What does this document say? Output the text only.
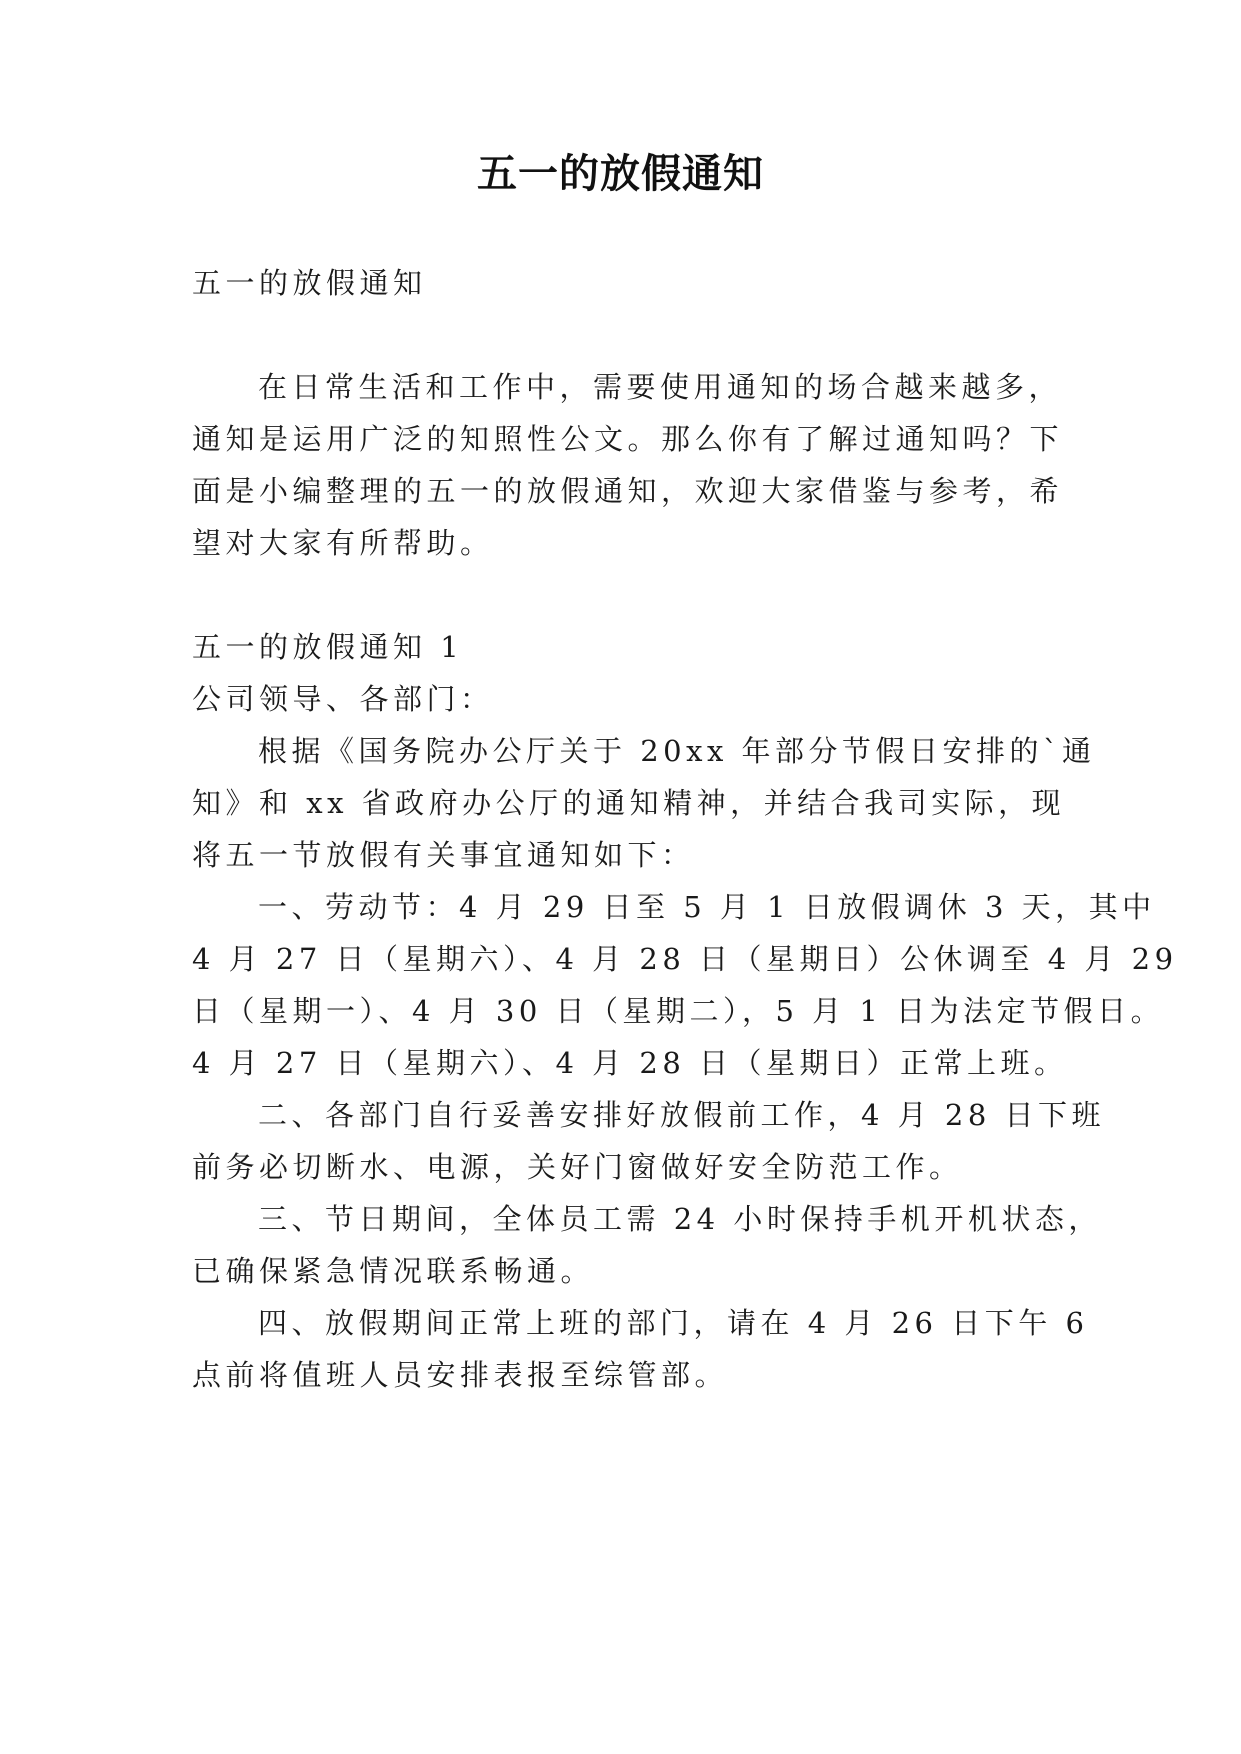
五一的放假通知
五一的放假通知
在日常生活和工作中，需要使用通知的场合越来越多，
通知是运用广泛的知照性公文。那么你有了解过通知吗？下
面是小编整理的五一的放假通知，欢迎大家借鉴与参考，希
望对大家有所帮助。
五一的放假通知 1
公司领导、各部门：
根据《国务院办公厅关于 20xx 年部分节假日安排的`通
知》和 xx 省政府办公厅的通知精神，并结合我司实际，现
将五一节放假有关事宜通知如下：
一、劳动节：4 月 29 日至 5 月 1 日放假调休 3 天，其中
4 月 27 日（星期六）、4 月 28 日（星期日）公休调至 4 月 29
日（星期一）、4 月 30 日（星期二），5 月 1 日为法定节假日。
4 月 27 日（星期六）、4 月 28 日（星期日）正常上班。
二、各部门自行妥善安排好放假前工作，4 月 28 日下班
前务必切断水、电源，关好门窗做好安全防范工作。
三、节日期间，全体员工需 24 小时保持手机开机状态，
已确保紧急情况联系畅通。
四、放假期间正常上班的部门，请在 4 月 26 日下午 6
点前将值班人员安排表报至综管部。
